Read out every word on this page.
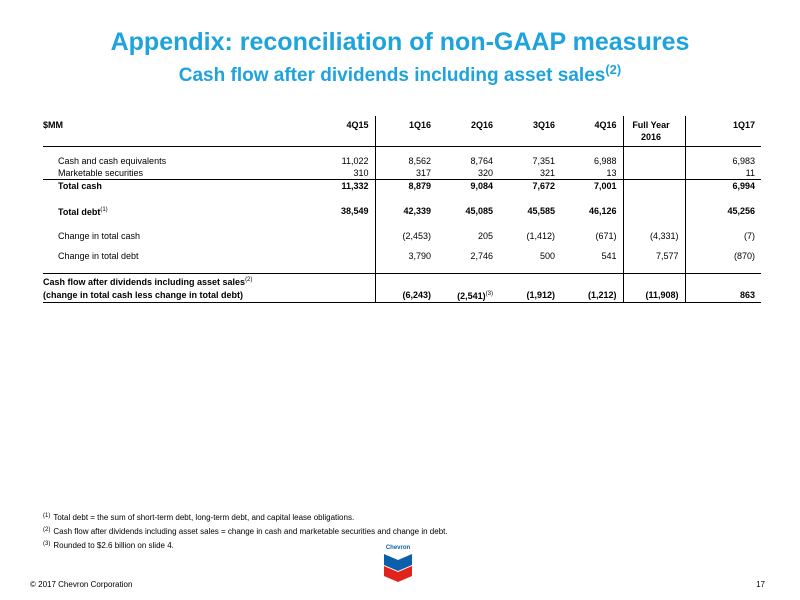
Appendix: reconciliation of non-GAAP measures
Cash flow after dividends including asset sales$^{(2)}$
$MM	4Q15	1Q16	2Q16	3Q16	4Q16	Full Year 2016	1Q17

Cash and cash equivalents	11,022	8,562	8,764	7,351	6,988		6,983
Marketable securities	310	317	320	321	13		11
Total cash	11,332	8,879	9,084	7,672	7,001		6,994

Total debt$^{(1)}$	38,549	42,339	45,085	45,585	46,126		45,256

Change in total cash		(2,453)	205	(1,412)	(671)	(4,331)	(7)

Change in total debt		3,790	2,746	500	541	7,577	(870)

Cash flow after dividends including asset sales$^{(2)}$							
(change in total cash less change in total debt)		(6,243)	(2,541)$^{(3)}$	(1,912)	(1,212)	(11,908)	863
$^{(1)}$ Total debt = the sum of short-term debt, long-term debt, and capital lease obligations.
$^{(2)}$ Cash flow after dividends including asset sales = change in cash and marketable securities and change in debt.
$^{(3)}$ Rounded to $2.6 billion on slide 4.	Chevron
© 2017 Chevron Corporation	17
